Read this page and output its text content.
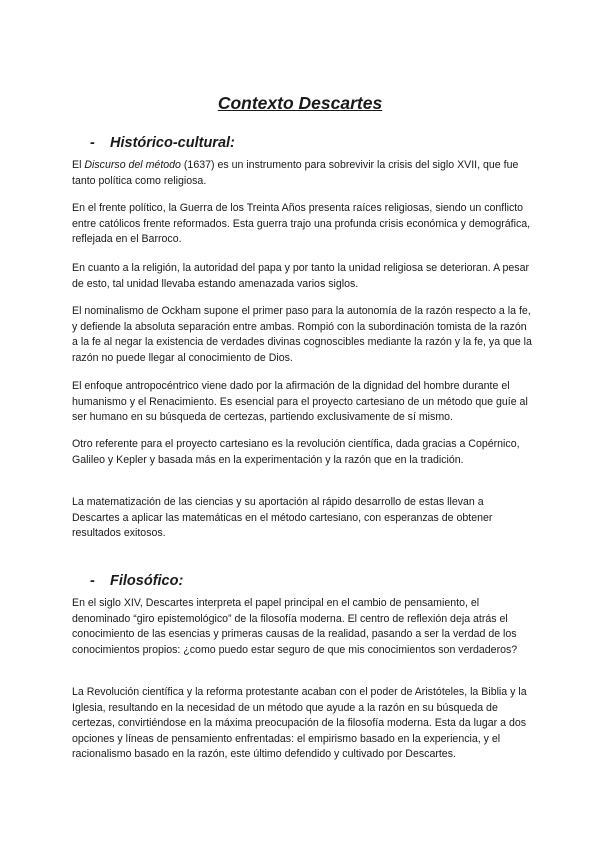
Contexto Descartes
- Histórico-cultural:

El Discurso del método (1637) es un instrumento para sobrevivir la crisis del siglo XVII, que fue tanto política como religiosa.

En el frente político, la Guerra de los Treinta Años presenta raíces religiosas, siendo un conflicto entre católicos frente reformados. Esta guerra trajo una profunda crisis económica y demográfica, reflejada en el Barroco.

En cuanto a la religión, la autoridad del papa y por tanto la unidad religiosa se deterioran. A pesar de esto, tal unidad llevaba estando amenazada varios siglos.

El nominalismo de Ockham supone el primer paso para la autonomía de la razón respecto a la fe, y defiende la absoluta separación entre ambas. Rompió con la subordinación tomista de la razón a la fe al negar la existencia de verdades divinas cognoscibles mediante la razón y la fe, ya que la razón no puede llegar al conocimiento de Dios.

El enfoque antropocéntrico viene dado por la afirmación de la dignidad del hombre durante el humanismo y el Renacimiento. Es esencial para el proyecto cartesiano de un método que guíe al ser humano en su búsqueda de certezas, partiendo exclusivamente de sí mismo.

Otro referente para el proyecto cartesiano es la revolución científica, dada gracias a Copérnico, Galileo y Kepler y basada más en la experimentación y la razón que en la tradición.

La matematización de las ciencias y su aportación al rápido desarrollo de estas llevan a Descartes a aplicar las matemáticas en el método cartesiano, con esperanzas de obtener resultados exitosos.

- Filosófico:

En el siglo XIV, Descartes interpreta el papel principal en el cambio de pensamiento, el denominado “giro epistemológico” de la filosofía moderna. El centro de reflexión deja atrás el conocimiento de las esencias y primeras causas de la realidad, pasando a ser la verdad de los conocimientos propios: ¿como puedo estar seguro de que mis conocimientos son verdaderos?

La Revolución científica y la reforma protestante acaban con el poder de Aristóteles, la Biblia y la Iglesia, resultando en la necesidad de un método que ayude a la razón en su búsqueda de certezas, convirtiéndose en la máxima preocupación de la filosofía moderna. Esta da lugar a dos opciones y líneas de pensamiento enfrentadas: el empirismo basado en la experiencia, y el racionalismo basado en la razón, este último defendido y cultivado por Descartes.
